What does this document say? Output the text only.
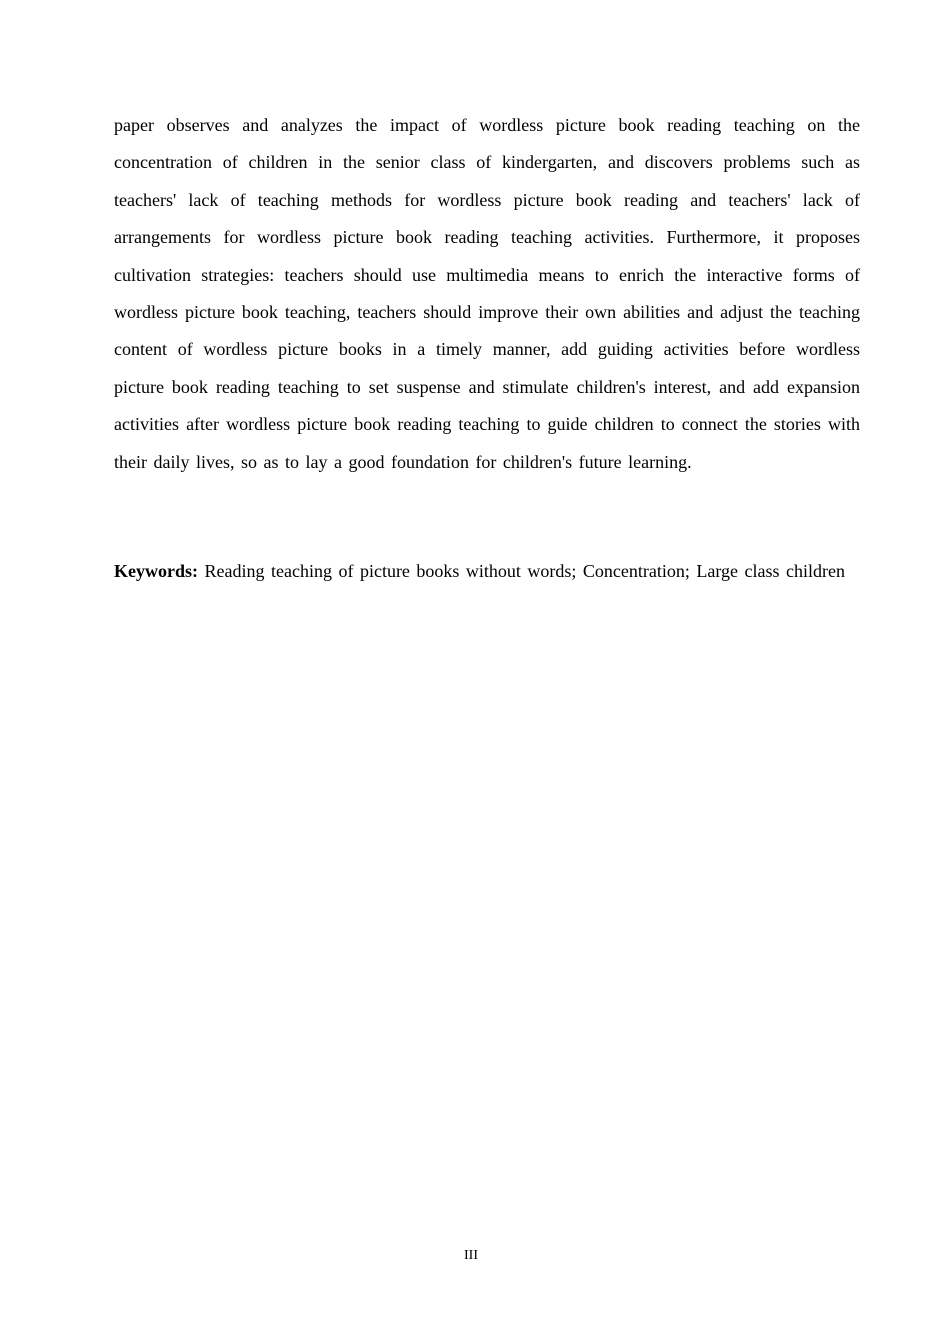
paper observes and analyzes the impact of wordless picture book reading teaching on the concentration of children in the senior class of kindergarten, and discovers problems such as teachers' lack of teaching methods for wordless picture book reading and teachers' lack of arrangements for wordless picture book reading teaching activities. Furthermore, it proposes cultivation strategies: teachers should use multimedia means to enrich the interactive forms of wordless picture book teaching, teachers should improve their own abilities and adjust the teaching content of wordless picture books in a timely manner, add guiding activities before wordless picture book reading teaching to set suspense and stimulate children's interest, and add expansion activities after wordless picture book reading teaching to guide children to connect the stories with their daily lives, so as to lay a good foundation for children's future learning.

Keywords: Reading teaching of picture books without words; Concentration; Large class children

III
